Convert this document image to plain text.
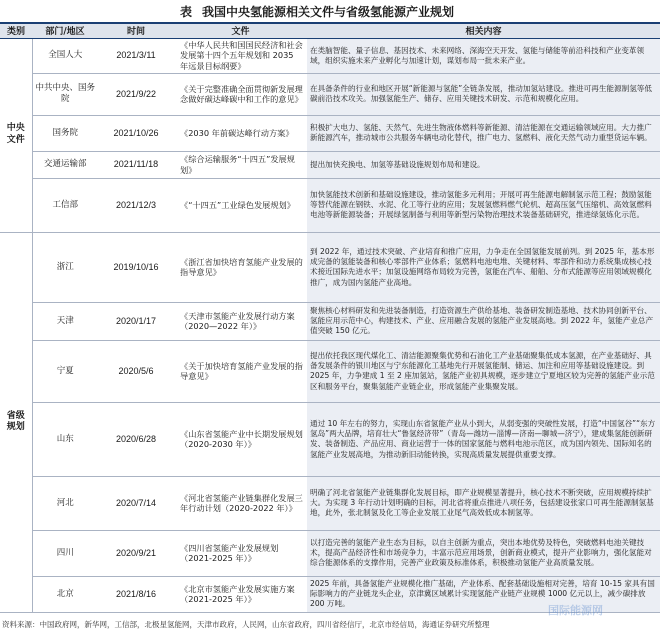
表 我国中央氢能源相关文件与省级氢能源产业规划
类别	部门/地区	时间	文件	相关内容
中央文件	全国人大	2021/3/11	《中华人民共和国国民经济和社会发展第十四个五年规划和 2035 年远景目标纲要》	在类脑智能、量子信息、基因技术、未来网络、深海空天开发、氢能与储能等前沿科技和产业变革领域，组织实施未来产业孵化与加速计划，谋划布局一批未来产业。
	中共中央、国务院	2021/9/22	《关于完整准确全面贯彻新发展理念做好碳达峰碳中和工作的意见》	在具备条件的行业和地区开展“新能源与氢能”全链条发展，推动加氢站建设。推进可再生能源制氢等低碳前沿技术攻关。加强氢能生产、储存、应用关键技术研发、示范和规模化应用。
	国务院	2021/10/26	《2030 年前碳达峰行动方案》	积极扩大电力、氢能、天然气、先进生物液体燃料等新能源、清洁能源在交通运输领域应用。大力推广新能源汽车，推动城市公共服务车辆电动化替代，推广电力、氢燃料、液化天然气动力重型货运车辆。
	交通运输部	2021/11/18	《综合运输服务“十四五”发展规划》	提出加快充换电、加氢等基础设施规划布局和建设。
	工信部	2021/12/3	《“十四五”工业绿色发展规划》	加快氢能技术创新和基础设施建设，推动氢能多元利用；开展可再生能源电解制氢示范工程；鼓励氢能等替代能源在钢铁、水泥、化工等行业的应用；发展氢燃料燃气轮机、超高压氢气压缩机、高效氢燃料电池等新能源装备；开展绿氢制备与利用等新型污染物治理技术装备基础研究，推进绿氢炼化示范。
省级规划	浙江	2019/10/16	《浙江省加快培育氢能产业发展的指导意见》	到 2022 年，通过技术突破、产业培育和推广应用，力争走在全国氢能发展前列。到 2025 年，基本形成完备的氢能装备和核心零部件产业体系；氢燃料电池电堆、关键材料、零部件和动力系统集成核心技术接近国际先进水平；加氢设施网络布局较为完善，氢能在汽车、船舶、分布式能源等应用领域规模化推广，成为国内氢能产业高地。
	天津	2020/1/17	《天津市氢能产业发展行动方案（2020—2022 年）》	聚焦核心材料研发和先进装备制造，打造资源生产供给基地、装备研发制造基地、技术协同创新平台、氢能应用示范中心，构建技术、产业、应用融合发展的氢能产业发展高地。到 2022 年，氢能产业总产值突破 150 亿元。
	宁夏	2020/5/6	《关于加快培育氢能产业发展的指导意见》	提出依托我区现代煤化工、清洁能源聚集优势和石油化工产业基础聚集低成本氢源，在产业基础好、具备发展条件的银川地区与宁东能源化工基地先行开展氢能制、储运、加注和应用等基础设施建设。到 2025 年，力争建成 1 至 2 座加氢站，氢能产业初具规模，逐步建立宁夏地区较为完善的氢能产业示范区和服务平台，聚集氢能产业链企业，形成氢能产业集聚发展。
	山东	2020/6/28	《山东省氢能产业中长期发展规划（2020-2030 年）》	通过 10 年左右的努力，实现山东省氢能产业从小到大，从弱变强的突破性发展，打造“中国氢谷”“东方氢岛”两大品牌，培育壮大“鲁氢经济带”（青岛—潍坊—淄博—济南—聊城—济宁），建成集氢能创新研发、装备制造、产品应用、商业运营于一体的国家氢能与燃料电池示范区，成为国内领先、国际知名的氢能产业发展高地，为推动新旧动能转换，实现高质量发展提供重要支撑。
	河北	2020/7/14	《河北省氢能产业链集群化发展三年行动计划（2020-2022 年）》	明确了河北省氢能产业链集群化发展目标，即产业规模显著提升，核心技术不断突破，应用规模持续扩大。为实现 3 年行动计划明确的目标，河北省将重点推进八项任务，包括建设张家口可再生能源制氢基地，此外，张北制氢及化工等企业发展工业尾气高效低成本制氢等。
	四川	2020/9/21	《四川省氢能产业发展规划（2021-2025 年）》	以打造完善的氢能产业生态为目标，以自主创新为重点，突出本地优势及特色，突破燃料电池关键技术，提高产品经济性和市场竞争力，丰富示范应用场景，创新商业模式，提升产业影响力，强化氢能对综合能源体系的支撑作用，完善产业政策及标准体系，积极推动氢能产业高质量发展。
	北京	2021/8/16	《北京市氢能产业发展实施方案（2021-2025 年）》	2025 年前，具备氢能产业规模化推广基础，产业体系、配套基础设施相对完善，培育 10-15 家具有国际影响力的产业链龙头企业，京津冀区域累计实现氢能产业链产业规模 1000 亿元以上，减少碳排放 200 万吨。
国际能源网
资料来源：中国政府网，新华网，工信部，北极星氢能网，天津市政府，人民网，山东省政府，四川省经信厅，北京市经信局，海通证券研究所整理
